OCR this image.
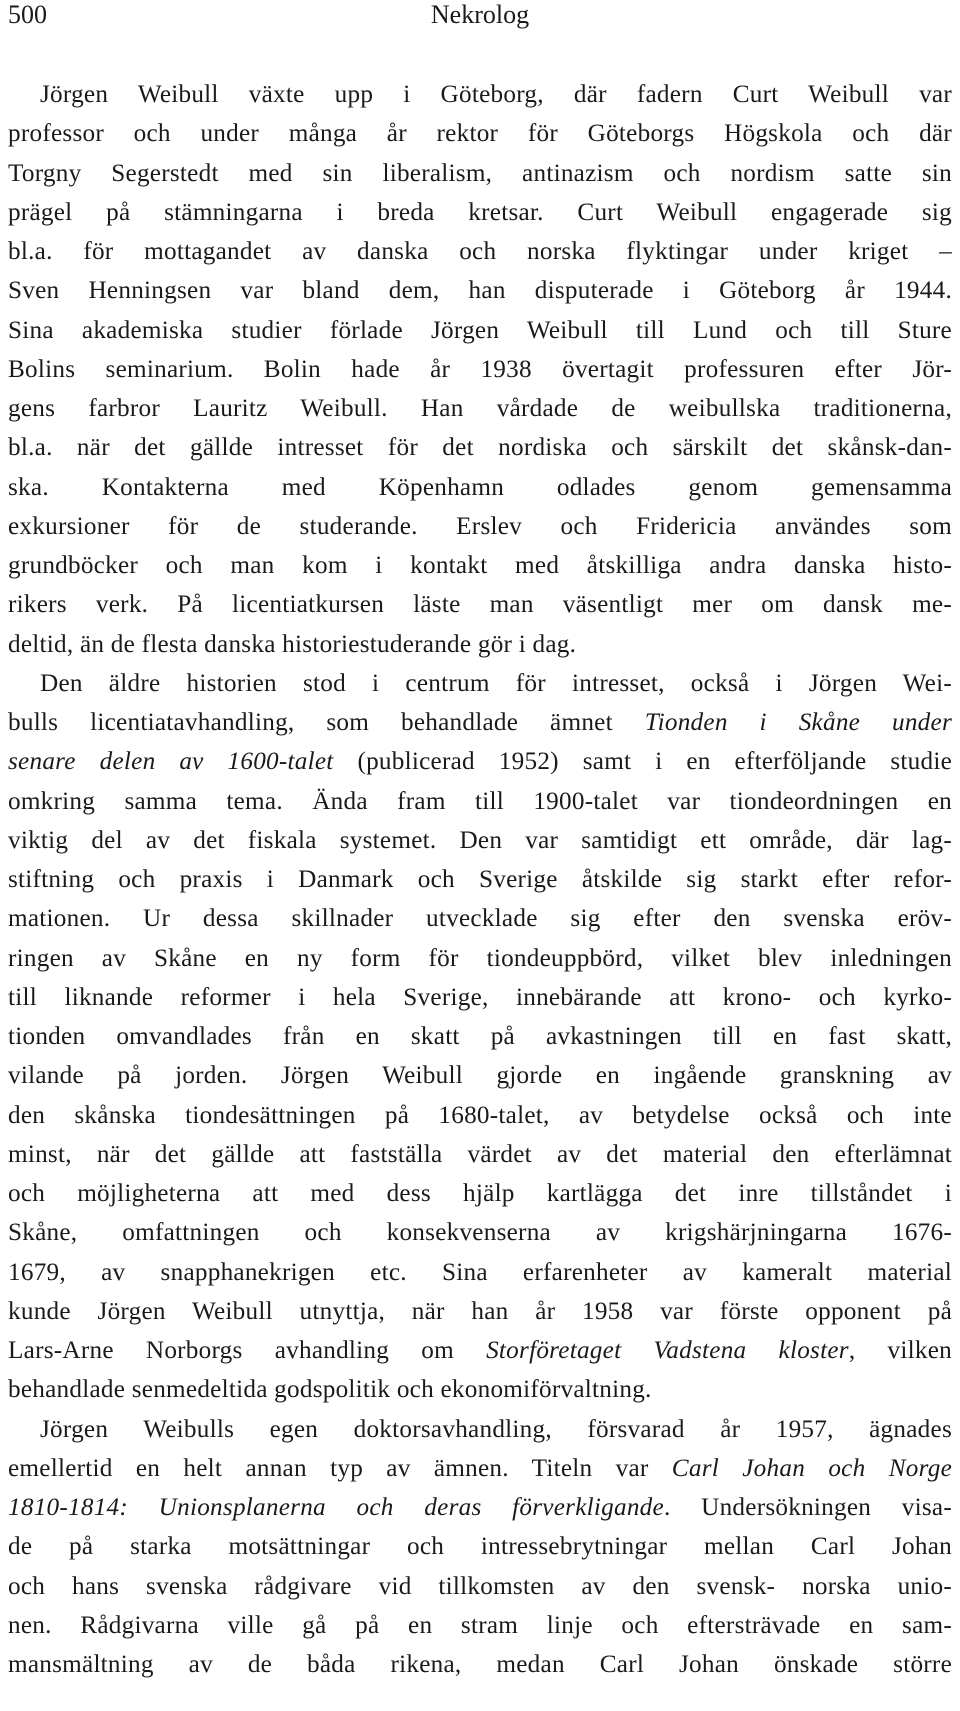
500	Nekrolog
Jörgen Weibull växte upp i Göteborg, där fadern Curt Weibull var
professor och under många år rektor för Göteborgs Högskola och där
Torgny Segerstedt med sin liberalism, antinazism och nordism satte sin
prägel på stämningarna i breda kretsar. Curt Weibull engagerade sig
bl.a. för mottagandet av danska och norska flyktingar under kriget –
Sven Henningsen var bland dem, han disputerade i Göteborg år 1944.
Sina akademiska studier förlade Jörgen Weibull till Lund och till Sture
Bolins seminarium. Bolin hade år 1938 övertagit professuren efter Jör-
gens farbror Lauritz Weibull. Han vårdade de weibullska traditionerna,
bl.a. när det gällde intresset för det nordiska och särskilt det skånsk-dan-
ska. Kontakterna med Köpenhamn odlades genom gemensamma
exkursioner för de studerande. Erslev och Fridericia användes som
grundböcker och man kom i kontakt med åtskilliga andra danska histo-
rikers verk. På licentiatkursen läste man väsentligt mer om dansk me-
deltid, än de flesta danska historiestuderande gör i dag.
Den äldre historien stod i centrum för intresset, också i Jörgen Wei-
bulls licentiatavhandling, som behandlade ämnet Tionden i Skåne under
senare delen av 1600-talet (publicerad 1952) samt i en efterföljande studie
omkring samma tema. Ända fram till 1900-talet var tiondeordningen en
viktig del av det fiskala systemet. Den var samtidigt ett område, där lag-
stiftning och praxis i Danmark och Sverige åtskilde sig starkt efter refor-
mationen. Ur dessa skillnader utvecklade sig efter den svenska eröv-
ringen av Skåne en ny form för tiondeuppbörd, vilket blev inledningen
till liknande reformer i hela Sverige, innebärande att krono- och kyrko-
tionden omvandlades från en skatt på avkastningen till en fast skatt,
vilande på jorden. Jörgen Weibull gjorde en ingående granskning av
den skånska tiondesättningen på 1680-talet, av betydelse också och inte
minst, när det gällde att fastställa värdet av det material den efterlämnat
och möjligheterna att med dess hjälp kartlägga det inre tillståndet i
Skåne, omfattningen och konsekvenserna av krigshärjningarna 1676-
1679, av snapphanekrigen etc. Sina erfarenheter av kameralt material
kunde Jörgen Weibull utnyttja, när han år 1958 var förste opponent på
Lars-Arne Norborgs avhandling om Storföretaget Vadstena kloster, vilken
behandlade senmedeltida godspolitik och ekonomiförvaltning.
Jörgen Weibulls egen doktorsavhandling, försvarad år 1957, ägnades
emellertid en helt annan typ av ämnen. Titeln var Carl Johan och Norge
1810-1814: Unionsplanerna och deras förverkligande. Undersökningen visa-
de på starka motsättningar och intressebrytningar mellan Carl Johan
och hans svenska rådgivare vid tillkomsten av den svensk- norska unio-
nen. Rådgivarna ville gå på en stram linje och eftersträvade en sam-
mansmältning av de båda rikena, medan Carl Johan önskade större
